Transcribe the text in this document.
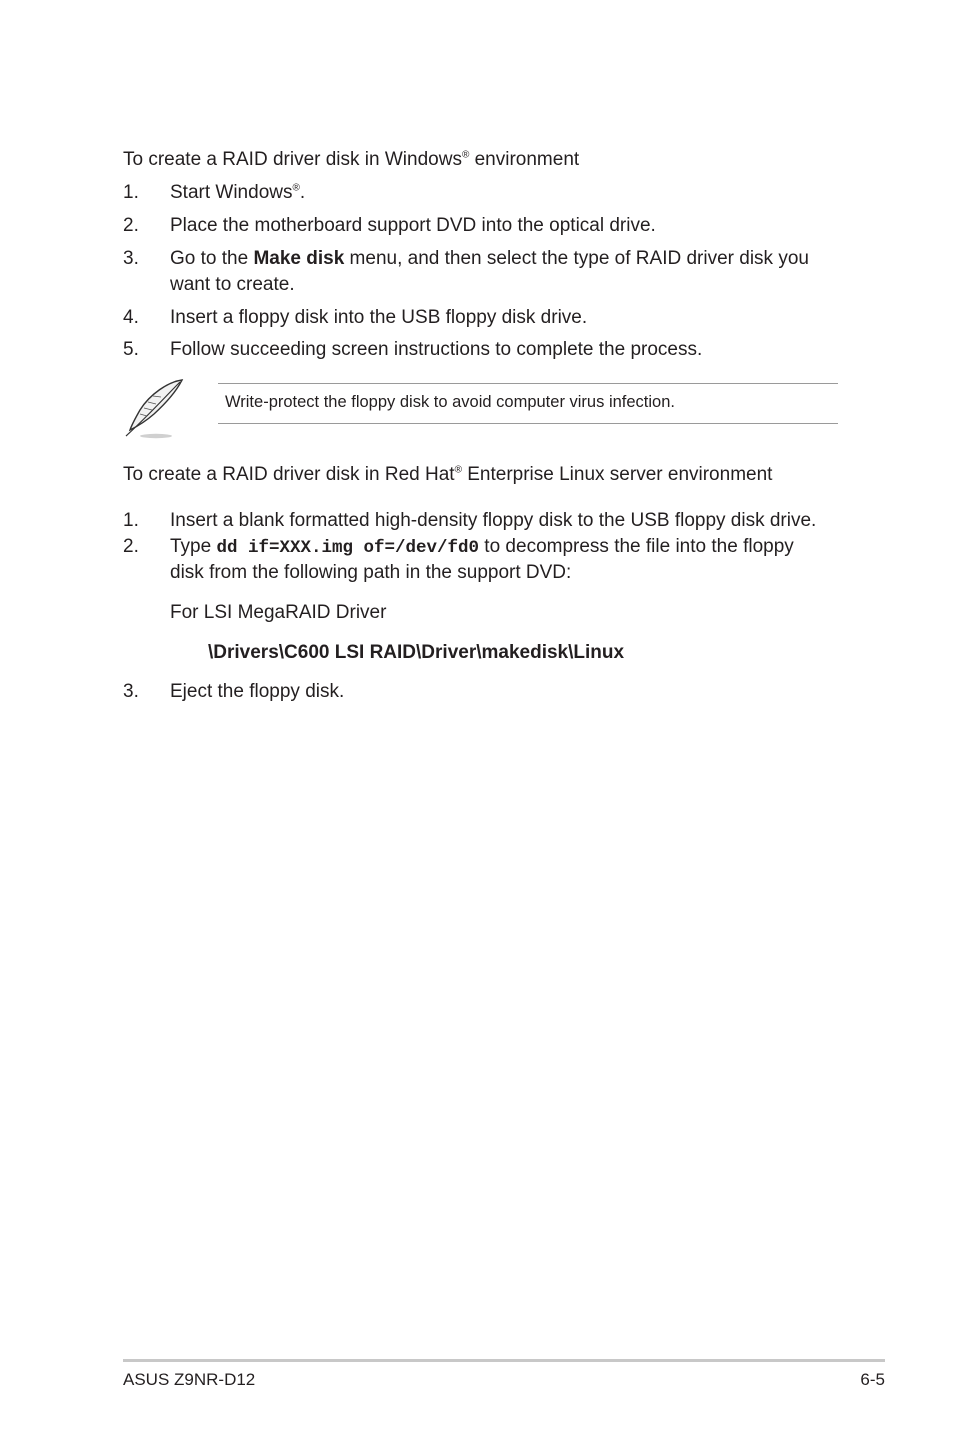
To create a RAID driver disk in Windows® environment
1. Start Windows®.
2. Place the motherboard support DVD into the optical drive.
3. Go to the Make disk menu, and then select the type of RAID driver disk you
want to create.
4. Insert a floppy disk into the USB floppy disk drive.
5. Follow succeeding screen instructions to complete the process.
Write-protect the floppy disk to avoid computer virus infection.
To create a RAID driver disk in Red Hat® Enterprise Linux server environment
1. Insert a blank formatted high-density floppy disk to the USB floppy disk drive.
2. Type dd if=XXX.img of=/dev/fd0 to decompress the file into the floppy
disk from the following path in the support DVD:
For LSI MegaRAID Driver
\Drivers\C600 LSI RAID\Driver\makedisk\Linux
3. Eject the floppy disk.
ASUS Z9NR-D12	6-5
